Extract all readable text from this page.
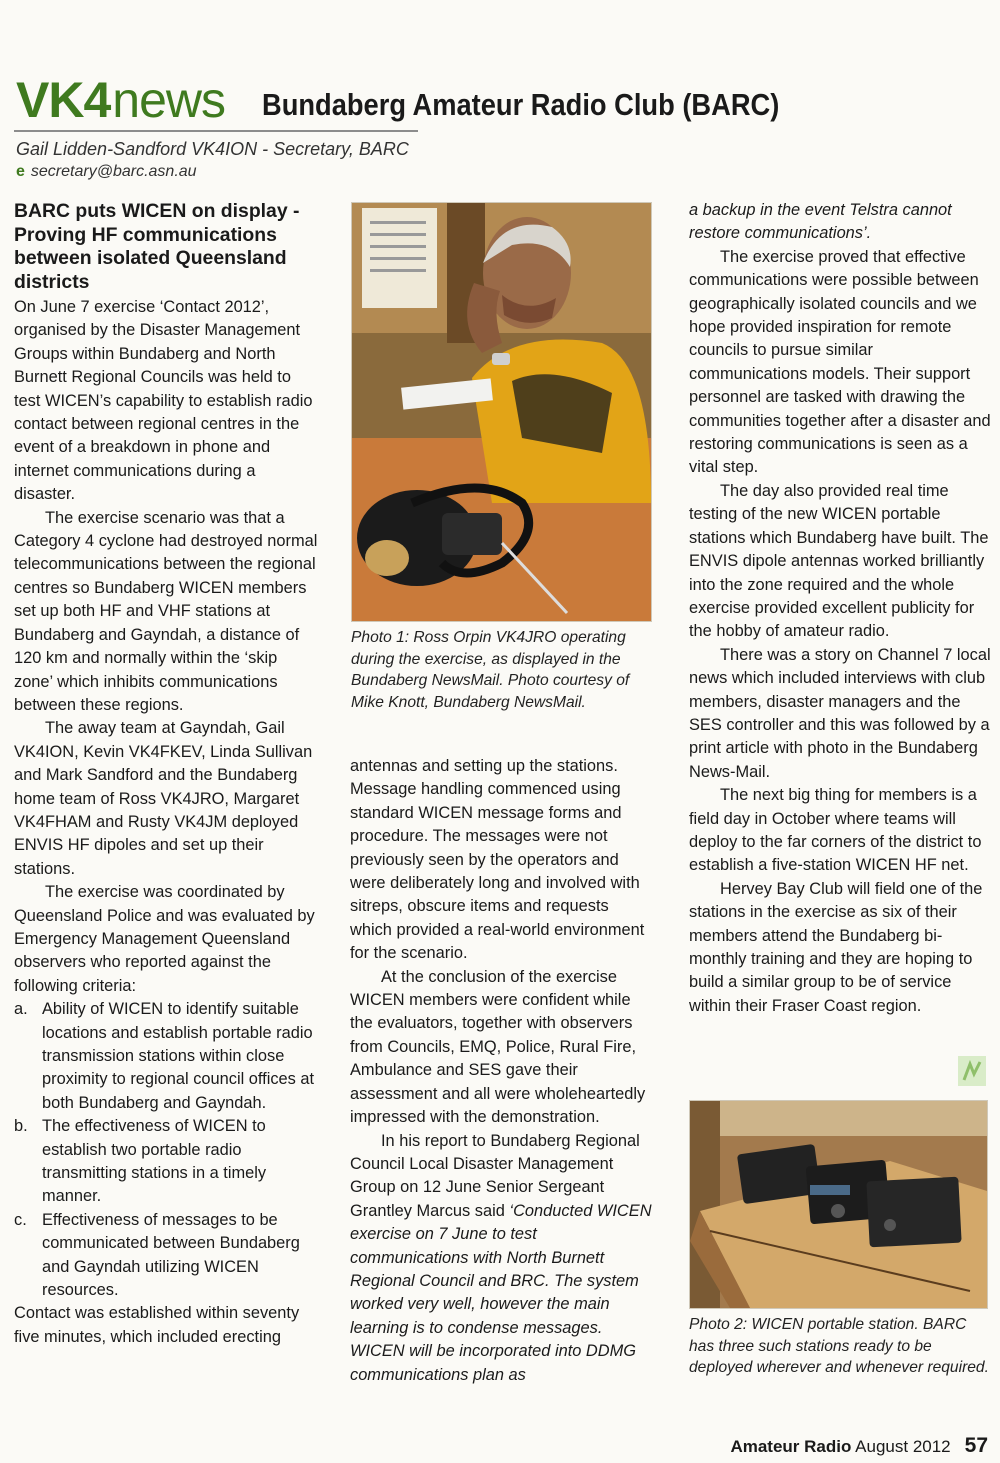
VK4news Bundaberg Amateur Radio Club (BARC)
Gail Lidden-Sandford VK4ION - Secretary, BARC
e secretary@barc.asn.au
BARC puts WICEN on display - Proving HF communications between isolated Queensland districts

On June 7 exercise ‘Contact 2012’, organised by the Disaster Management Groups within Bundaberg and North Burnett Regional Councils was held to test WICEN’s capability to establish radio contact between regional centres in the event of a breakdown in phone and internet communications during a disaster.

The exercise scenario was that a Category 4 cyclone had destroyed normal telecommunications between the regional centres so Bundaberg WICEN members set up both HF and VHF stations at Bundaberg and Gayndah, a distance of 120 km and normally within the ‘skip zone’ which inhibits communications between these regions.

The away team at Gayndah, Gail VK4ION, Kevin VK4FKEV, Linda Sullivan and Mark Sandford and the Bundaberg home team of Ross VK4JRO, Margaret VK4FHAM and Rusty VK4JM deployed ENVIS HF dipoles and set up their stations.

The exercise was coordinated by Queensland Police and was evaluated by Emergency Management Queensland observers who reported against the following criteria:

a. Ability of WICEN to identify suitable locations and establish portable radio transmission stations within close proximity to regional council offices at both Bundaberg and Gayndah.
b. The effectiveness of WICEN to establish two portable radio transmitting stations in a timely manner.
c. Effectiveness of messages to be communicated between Bundaberg and Gayndah utilizing WICEN resources.

Contact was established within seventy five minutes, which included erecting

Photo 1: Ross Orpin VK4JRO operating during the exercise, as displayed in the Bundaberg NewsMail. Photo courtesy of Mike Knott, Bundaberg NewsMail.

antennas and setting up the stations. Message handling commenced using standard WICEN message forms and procedure. The messages were not previously seen by the operators and were deliberately long and involved with sitreps, obscure items and requests which provided a real-world environment for the scenario.

At the conclusion of the exercise WICEN members were confident while the evaluators, together with observers from Councils, EMQ, Police, Rural Fire, Ambulance and SES gave their assessment and all were wholeheartedly impressed with the demonstration.

In his report to Bundaberg Regional Council Local Disaster Management Group on 12 June Senior Sergeant Grantley Marcus said ‘Conducted WICEN exercise on 7 June to test communications with North Burnett Regional Council and BRC. The system worked very well, however the main learning is to condense messages. WICEN will be incorporated into DDMG communications plan as

a backup in the event Telstra cannot restore communications’.

The exercise proved that effective communications were possible between geographically isolated councils and we hope provided inspiration for remote councils to pursue similar communications models. Their support personnel are tasked with drawing the communities together after a disaster and restoring communications is seen as a vital step.

The day also provided real time testing of the new WICEN portable stations which Bundaberg have built. The ENVIS dipole antennas worked brilliantly into the zone required and the whole exercise provided excellent publicity for the hobby of amateur radio.

There was a story on Channel 7 local news which included interviews with club members, disaster managers and the SES controller and this was followed by a print article with photo in the Bundaberg News-Mail.

The next big thing for members is a field day in October where teams will deploy to the far corners of the district to establish a five-station WICEN HF net.

Hervey Bay Club will field one of the stations in the exercise as six of their members attend the Bundaberg bi-monthly training and they are hoping to build a similar group to be of service within their Fraser Coast region.

Photo 2: WICEN portable station. BARC has three such stations ready to be deployed wherever and whenever required.
Amateur Radio August 2012 57
